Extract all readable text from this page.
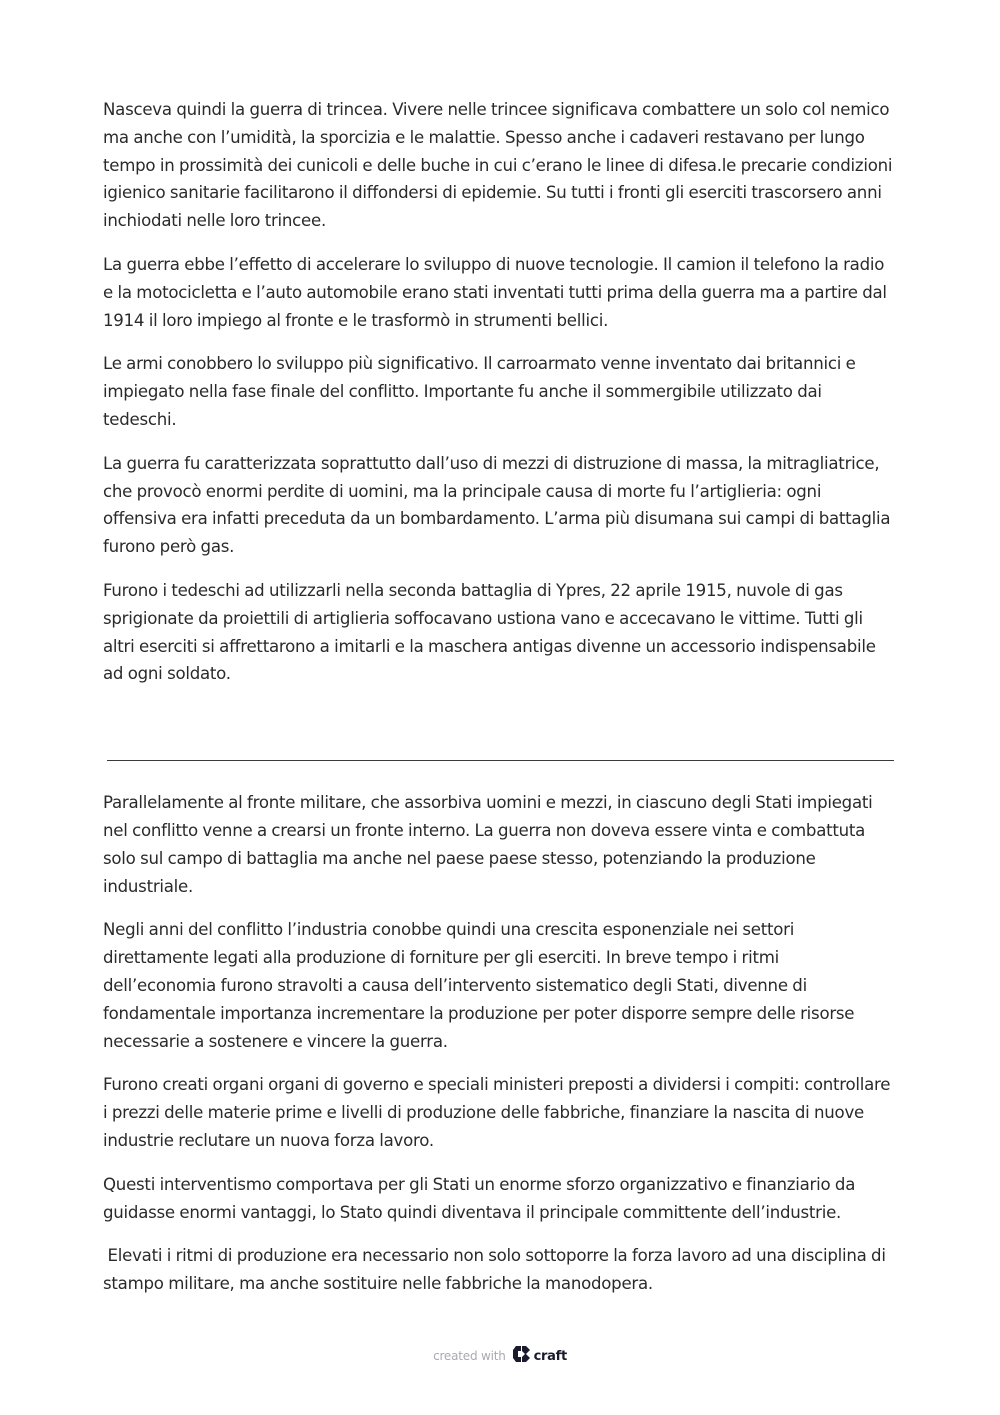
Nasceva quindi la guerra di trincea. Vivere nelle trincee significava combattere un solo col nemico ma anche con l’umidità, la sporcizia e le malattie. Spesso anche i cadaveri restavano per lungo tempo in prossimità dei cunicoli e delle buche in cui c’erano le linee di difesa.le precarie condizioni igienico sanitarie facilitarono il diffondersi di epidemie. Su tutti i fronti gli eserciti trascorsero anni inchiodati nelle loro trincee.

La guerra ebbe l’effetto di accelerare lo sviluppo di nuove tecnologie. Il camion il telefono la radio e la motocicletta e l’auto automobile erano stati inventati tutti prima della guerra ma a partire dal 1914 il loro impiego al fronte e le trasformò in strumenti bellici.

Le armi conobbero lo sviluppo più significativo. Il carroarmato venne inventato dai britannici e impiegato nella fase finale del conflitto. Importante fu anche il sommergibile utilizzato dai tedeschi.

La guerra fu caratterizzata soprattutto dall’uso di mezzi di distruzione di massa, la mitragliatrice, che provocò enormi perdite di uomini, ma la principale causa di morte fu l’artiglieria: ogni offensiva era infatti preceduta da un bombardamento. L’arma più disumana sui campi di battaglia furono però gas.

Furono i tedeschi ad utilizzarli nella seconda battaglia di Ypres, 22 aprile 1915, nuvole di gas sprigionate da proiettili di artiglieria soffocavano ustiona vano e accecavano le vittime. Tutti gli altri eserciti si affrettarono a imitarli e la maschera antigas divenne un accessorio indispensabile ad ogni soldato.

Parallelamente al fronte militare, che assorbiva uomini e mezzi, in ciascuno degli Stati impiegati nel conflitto venne a crearsi un fronte interno. La guerra non doveva essere vinta e combattuta solo sul campo di battaglia ma anche nel paese paese stesso, potenziando la produzione industriale.

Negli anni del conflitto l’industria conobbe quindi una crescita esponenziale nei settori direttamente legati alla produzione di forniture per gli eserciti. In breve tempo i ritmi dell’economia furono stravolti a causa dell’intervento sistematico degli Stati, divenne di fondamentale importanza incrementare la produzione per poter disporre sempre delle risorse necessarie a sostenere e vincere la guerra.

Furono creati organi organi di governo e speciali ministeri preposti a dividersi i compiti: controllare i prezzi delle materie prime e livelli di produzione delle fabbriche, finanziare la nascita di nuove industrie reclutare un nuova forza lavoro.

Questi interventismo comportava per gli Stati un enorme sforzo organizzativo e finanziario da guidasse enormi vantaggi, lo Stato quindi diventava il principale committente dell’industrie.

Elevati i ritmi di produzione era necessario non solo sottoporre la forza lavoro ad una disciplina di stampo militare, ma anche sostituire nelle fabbriche la manodopera.

created with craft
